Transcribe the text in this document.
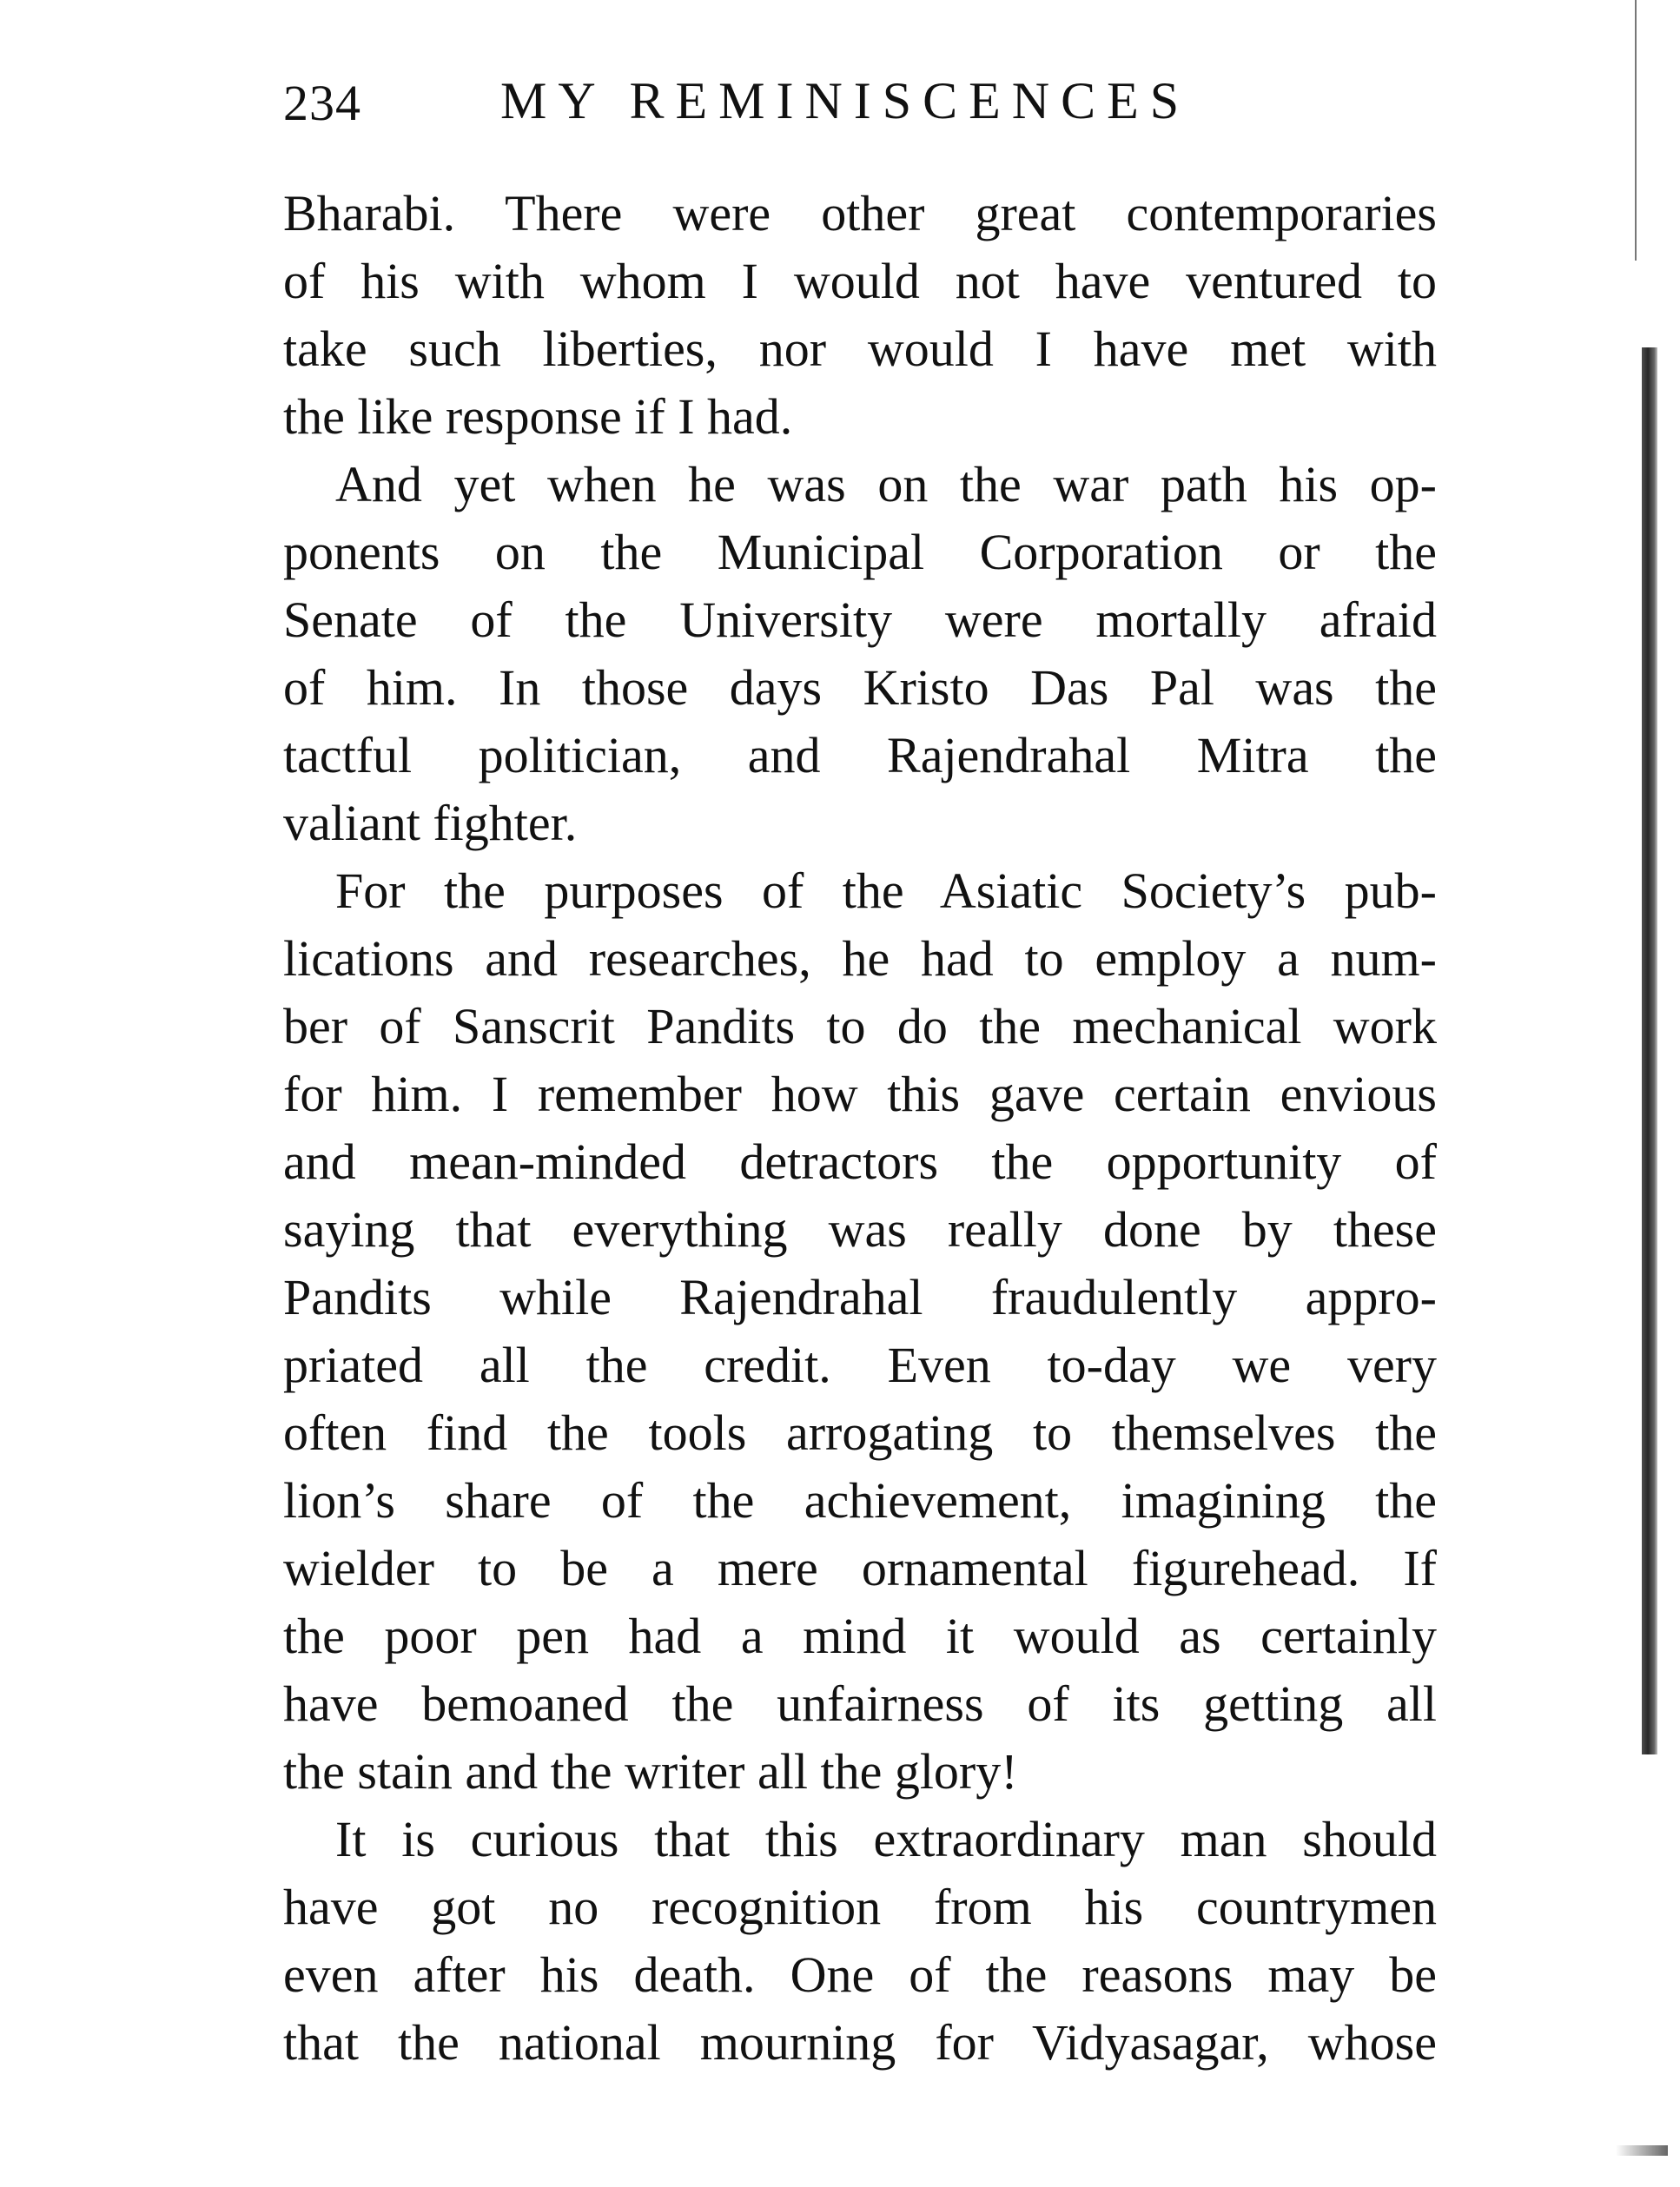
234	MY REMINISCENCES
Bharabi. There were other great contemporaries
of his with whom I would not have ventured to
take such liberties, nor would I have met with
the like response if I had.
And yet when he was on the war path his op-
ponents on the Municipal Corporation or the
Senate of the University were mortally afraid
of him. In those days Kristo Das Pal was the
tactful politician, and Rajendrahal Mitra the
valiant fighter.
For the purposes of the Asiatic Society’s pub-
lications and researches, he had to employ a num-
ber of Sanscrit Pandits to do the mechanical work
for him. I remember how this gave certain envious
and mean-minded detractors the opportunity of
saying that everything was really done by these
Pandits while Rajendrahal fraudulently appro-
priated all the credit. Even to-day we very
often find the tools arrogating to themselves the
lion’s share of the achievement, imagining the
wielder to be a mere ornamental figurehead. If
the poor pen had a mind it would as certainly
have bemoaned the unfairness of its getting all
the stain and the writer all the glory!
It is curious that this extraordinary man should
have got no recognition from his countrymen
even after his death. One of the reasons may be
that the national mourning for Vidyasagar, whose
